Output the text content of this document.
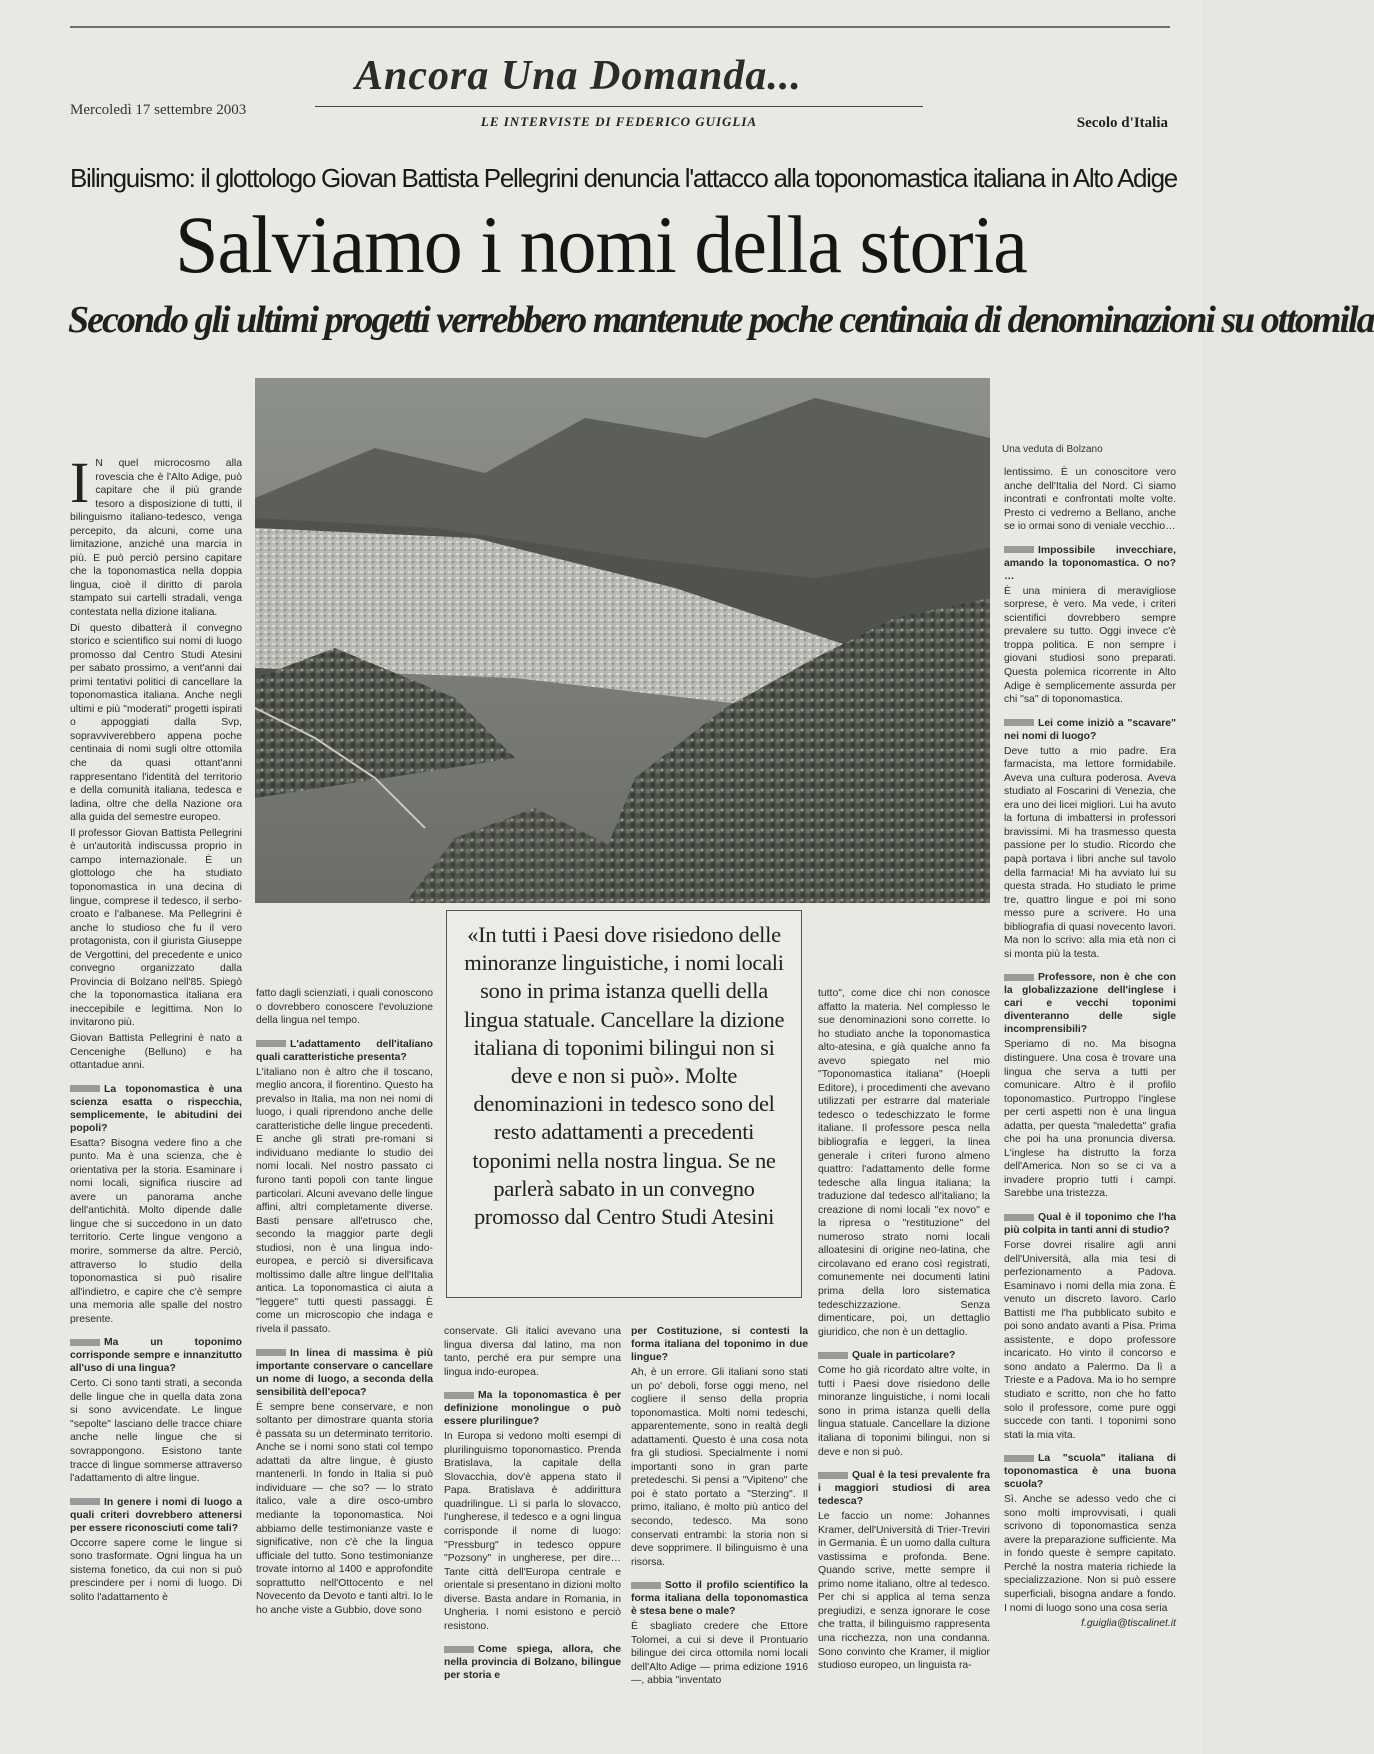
Mercoledì 17 settembre 2003
Ancora Una Domanda...
LE INTERVISTE DI FEDERICO GUIGLIA	Secolo d'Italia
Bilinguismo: il glottologo Giovan Battista Pellegrini denuncia l'attacco alla toponomastica italiana in Alto Adige
Salviamo i nomi della storia
Secondo gli ultimi progetti verrebbero mantenute poche centinaia di denominazioni su ottomila
Una veduta di Bolzano
I N quel microcosmo alla rovescia che è l'Alto Adige, può capitare che il più grande tesoro a disposizione di tutti, il bilinguismo italiano-tedesco, venga percepito, da alcuni, come una limitazione, anziché una marcia in più. E può perciò persino capitare che la toponomastica nella doppia lingua, cioè il diritto di parola stampato sui cartelli stradali, venga contestata nella dizione italiana.

Di questo dibatterà il convegno storico e scientifico sui nomi di luogo promosso dal Centro Studi Atesini per sabato prossimo, a vent'anni dai primi tentativi politici di cancellare la toponomastica italiana. Anche negli ultimi e più "moderati" progetti ispirati o appoggiati dalla Svp, sopravviverebbero appena poche centinaia di nomi sugli oltre ottomila che da quasi ottant'anni rappresentano l'identità del territorio e della comunità italiana, tedesca e ladina, oltre che della Nazione ora alla guida del semestre europeo.

Il professor Giovan Battista Pellegrini è un'autorità indiscussa proprio in campo internazionale. È un glottologo che ha studiato toponomastica in una decina di lingue, comprese il tedesco, il serbo-croato e l'albanese. Ma Pellegrini è anche lo studioso che fu il vero protagonista, con il giurista Giuseppe de Vergottini, del precedente e unico convegno organizzato dalla Provincia di Bolzano nell'85. Spiegò che la toponomastica italiana era ineccepibile e legittima. Non lo invitarono più.

Giovan Battista Pellegrini è nato a Cencenighe (Belluno) e ha ottantadue anni.

La toponomastica è una scienza esatta o rispecchia, semplicemente, le abitudini dei popoli?

Esatta? Bisogna vedere fino a che punto. Ma è una scienza, che è orientativa per la storia. Esaminare i nomi locali, significa riuscire ad avere un panorama anche dell'antichità. Molto dipende dalle lingue che si succedono in un dato territorio. Certe lingue vengono a morire, sommerse da altre. Perciò, attraverso lo studio della toponomastica si può risalire all'indietro, e capire che c'è sempre una memoria alle spalle del nostro presente.

Ma un toponimo corrisponde sempre e innanzitutto all'uso di una lingua?

Certo. Ci sono tanti strati, a seconda delle lingue che in quella data zona si sono avvicendate. Le lingue "sepolte" lasciano delle tracce chiare anche nelle lingue che si sovrappongono. Esistono tante tracce di lingue sommerse attraverso l'adattamento di altre lingue.

In genere i nomi di luogo a quali criteri dovrebbero attenersi per essere riconosciuti come tali?

Occorre sapere come le lingue si sono trasformate. Ogni lingua ha un sistema fonetico, da cui non si può prescindere per i nomi di luogo. Di solito l'adattamento è

fatto dagli scienziati, i quali conoscono o dovrebbero conoscere l'evoluzione della lingua nel tempo.

L'adattamento dell'italiano quali caratteristiche presenta?

L'italiano non è altro che il toscano, meglio ancora, il fiorentino. Questo ha prevalso in Italia, ma non nei nomi di luogo, i quali riprendono anche delle caratteristiche delle lingue precedenti. E anche gli strati pre-romani si individuano mediante lo studio dei nomi locali. Nel nostro passato ci furono tanti popoli con tante lingue particolari. Alcuni avevano delle lingue affini, altri completamente diverse. Basti pensare all'etrusco che, secondo la maggior parte degli studiosi, non è una lingua indo-europea, e perciò si diversificava moltissimo dalle altre lingue dell'Italia antica. La toponomastica ci aiuta a "leggere" tutti questi passaggi. È come un microscopio che indaga e rivela il passato.

In linea di massima è più importante conservare o cancellare un nome di luogo, a seconda della sensibilità dell'epoca?

È sempre bene conservare, e non soltanto per dimostrare quanta storia è passata su un determinato territorio. Anche se i nomi sono stati col tempo adattati da altre lingue, è giusto mantenerli. In fondo in Italia si può individuare — che so? — lo strato italico, vale a dire osco-umbro mediante la toponomastica. Noi abbiamo delle testimonianze vaste e significative, non c'è che la lingua ufficiale del tutto. Sono testimonianze trovate intorno al 1400 e approfondite soprattutto nell'Ottocento e nel Novecento da Devoto e tanti altri. Io le ho anche viste a Gubbio, dove sono

«In tutti i Paesi dove risiedono delle minoranze linguistiche, i nomi locali sono in prima istanza quelli della lingua statuale. Cancellare la dizione italiana di toponimi bilingui non si deve e non si può». Molte denominazioni in tedesco sono del resto adattamenti a precedenti toponimi nella nostra lingua. Se ne parlerà sabato in un convegno promosso dal Centro Studi Atesini

conservate. Gli italici avevano una lingua diversa dal latino, ma non tanto, perché era pur sempre una lingua indo-europea.

Ma la toponomastica è per definizione monolingue o può essere plurilingue?

In Europa si vedono molti esempi di plurilinguismo toponomastico. Prenda Bratislava, la capitale della Slovacchia, dov'è appena stato il Papa. Bratislava è addirittura quadrilingue. Lì si parla lo slovacco, l'ungherese, il tedesco e a ogni lingua corrisponde il nome di luogo: "Pressburg" in tedesco oppure "Pozsony" in ungherese, per dire… Tante città dell'Europa centrale e orientale si presentano in dizioni molto diverse. Basta andare in Romania, in Ungheria. I nomi esistono e perciò resistono.

Come spiega, allora, che nella provincia di Bolzano, bilingue per storia e
per Costituzione, si contesti la forma italiana del toponimo in due lingue?

Ah, è un errore. Gli italiani sono stati un po' deboli, forse oggi meno, nel cogliere il senso della propria toponomastica. Molti nomi tedeschi, apparentemente, sono in realtà degli adattamenti. Questo è una cosa nota fra gli studiosi. Specialmente i nomi importanti sono in gran parte pretedeschi. Si pensi a "Vipiteno" che poi è stato portato a "Sterzing". Il primo, italiano, è molto più antico del secondo, tedesco. Ma sono conservati entrambi: la storia non si deve sopprimere. Il bilinguismo è una risorsa.

Sotto il profilo scientifico la forma italiana della toponomastica è stesa bene o male?

È sbagliato credere che Ettore Tolomei, a cui si deve il Prontuario bilingue dei circa ottomila nomi locali dell'Alto Adige — prima edizione 1916 —, abbia "inventato

tutto", come dice chi non conosce affatto la materia. Nel complesso le sue denominazioni sono corrette. Io ho studiato anche la toponomastica alto-atesina, e già qualche anno fa avevo spiegato nel mio "Toponomastica italiana" (Hoepli Editore), i procedimenti che avevano utilizzati per estrarre dal materiale tedesco o tedeschizzato le forme italiane. Il professore pesca nella bibliografia e leggeri, la linea generale i criteri furono almeno quattro: l'adattamento delle forme tedesche alla lingua italiana; la traduzione dal tedesco all'italiano; la creazione di nomi locali "ex novo" e la ripresa o "restituzione" del numeroso strato nomi locali alloatesini di origine neo-latina, che circolavano ed erano così registrati, comunemente nei documenti latini prima della loro sistematica tedeschizzazione. Senza dimenticare, poi, un dettaglio giuridico, che non è un dettaglio.

Quale in particolare?

Come ho già ricordato altre volte, in tutti i Paesi dove risiedono delle minoranze linguistiche, i nomi locali sono in prima istanza quelli della lingua statuale. Cancellare la dizione italiana di toponimi bilingui, non si deve e non si può.

Qual è la tesi prevalente fra i maggiori studiosi di area tedesca?

Le faccio un nome: Johannes Kramer, dell'Università di Trier-Treviri in Germania. È un uomo dalla cultura vastissima e profonda. Bene. Quando scrive, mette sempre il primo nome italiano, oltre al tedesco. Per chi si applica al tema senza pregiudizi, e senza ignorare le cose che tratta, il bilinguismo rappresenta una ricchezza, non una condanna. Sono convinto che Kramer, il miglior studioso europeo, un linguista ra-

lentissimo. È un conoscitore vero anche dell'Italia del Nord. Ci siamo incontrati e confrontati molte volte. Presto ci vedremo a Bellano, anche se io ormai sono di veniale vecchio…

Impossibile invecchiare, amando la toponomastica. O no? …

È una miniera di meravigliose sorprese, è vero. Ma vede, i criteri scientifici dovrebbero sempre prevalere su tutto. Oggi invece c'è troppa politica. E non sempre i giovani studiosi sono preparati. Questa polemica ricorrente in Alto Adige è semplicemente assurda per chi "sa" di toponomastica.

Lei come iniziò a "scavare" nei nomi di luogo?

Deve tutto a mio padre. Era farmacista, ma lettore formidabile. Aveva una cultura poderosa. Aveva studiato al Foscarini di Venezia, che era uno dei licei migliori. Lui ha avuto la fortuna di imbattersi in professori bravissimi. Mi ha trasmesso questa passione per lo studio. Ricordo che papà portava i libri anche sul tavolo della farmacia! Mi ha avviato lui su questa strada. Ho studiato le prime tre, quattro lingue e poi mi sono messo pure a scrivere. Ho una bibliografia di quasi novecento lavori. Ma non lo scrivo: alla mia età non ci si monta più la testa.

Professore, non è che con la globalizzazione dell'inglese i cari e vecchi toponimi diventeranno delle sigle incomprensibili?

Speriamo di no. Ma bisogna distinguere. Una cosa è trovare una lingua che serva a tutti per comunicare. Altro è il profilo toponomastico. Purtroppo l'inglese per certi aspetti non è una lingua adatta, per questa "maledetta" grafia che poi ha una pronuncia diversa. L'inglese ha distrutto la forza dell'America. Non so se ci va a invadere proprio tutti i campi. Sarebbe una tristezza.

Qual è il toponimo che l'ha più colpita in tanti anni di studio?

Forse dovrei risalire agli anni dell'Università, alla mia tesi di perfezionamento a Padova. Esaminavo i nomi della mia zona. È venuto un discreto lavoro. Carlo Battisti me l'ha pubblicato subito e poi sono andato avanti a Pisa. Prima assistente, e dopo professore incaricato. Ho vinto il concorso e sono andato a Palermo. Da lì a Trieste e a Padova. Ma io ho sempre studiato e scritto, non che ho fatto solo il professore, come pure oggi succede con tanti. I toponimi sono stati la mia vita.

La "scuola" italiana di toponomastica è una buona scuola?

Sì. Anche se adesso vedo che ci sono molti improvvisati, i quali scrivono di toponomastica senza avere la preparazione sufficiente. Ma in fondo queste è sempre capitato. Perché la nostra materia richiede la specializzazione. Non si può essere superficiali, bisogna andare a fondo. I nomi di luogo sono una cosa seria

f.guiglia@tiscalinet.it
